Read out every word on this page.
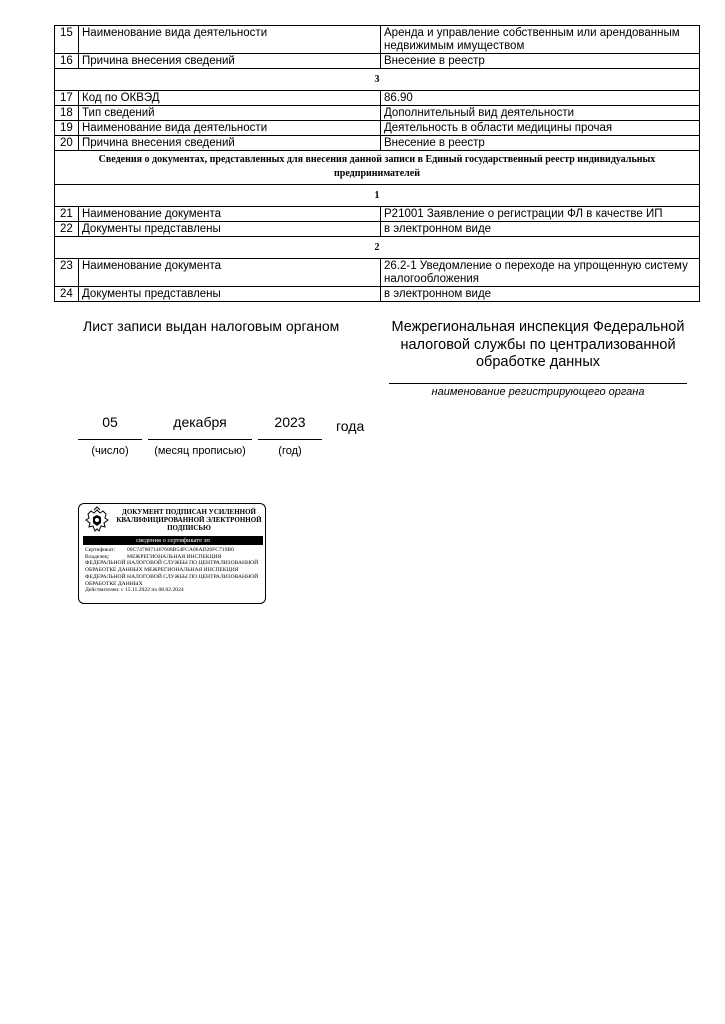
15	Наименование вида деятельности	Аренда и управление собственным или арендованным недвижимым имуществом
16	Причина внесения сведений	Внесение в реестр
3		
17	Код по ОКВЭД	86.90
18	Тип сведений	Дополнительный вид деятельности
19	Наименование вида деятельности	Деятельность в области медицины прочая
20	Причина внесения сведений	Внесение в реестр
Сведения о документах, представленных для внесения данной записи в Единый государственный реестр индивидуальных предпринимателей		
1		
21	Наименование документа	Р21001 Заявление о регистрации ФЛ в качестве ИП
22	Документы представлены	в электронном виде
2		
23	Наименование документа	26.2-1 Уведомление о переходе на упрощенную систему налогообложения
24	Документы представлены	в электронном виде
Лист записи выдан налоговым органом	Межрегиональная инспекция Федеральной налоговой службы по централизованной обработке данных
наименование регистрирующего органа
05
(число)
декабря
(месяц прописью)
2023
(год)
года
ДОКУМЕНТ ПОДПИСАН УСИЛЕННОЙ КВАЛИФИЦИРОВАННОЙ ЭЛЕКТРОННОЙ ПОДПИСЬЮ
сведения о сертификате эп
Сертификат: 00C7478071467688B54FCA06AD26FC719B0
Владелец:	МЕЖРЕГИОНАЛЬНАЯ ИНСПЕКЦИЯ ФЕДЕРАЛЬНОЙ НАЛОГОВОЙ СЛУЖБЫ ПО ЦЕНТРАЛИЗОВАННОЙ ОБРАБОТКЕ ДАННЫХ МЕЖРЕГИОНАЛЬНАЯ ИНСПЕКЦИЯ ФЕДЕРАЛЬНОЙ НАЛОГОВОЙ СЛУЖБЫ ПО ЦЕНТРАЛИЗОВАННОЙ ОБРАБОТКЕ ДАННЫХ
Действителен: с 15.11.2022 по 08.02.2024
